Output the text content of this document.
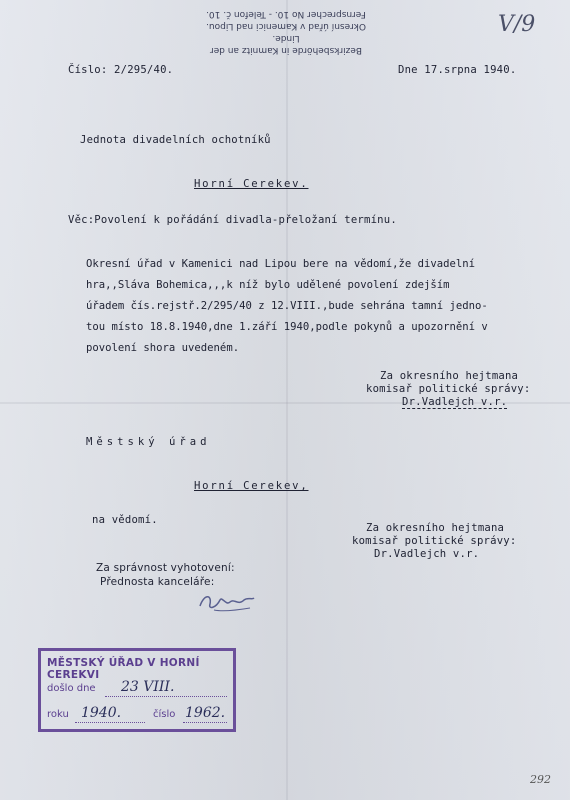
Bezirksbehörde in Kamnitz an der Linde.
Okresní úřad v Kamenici nad Lipou.
Fernsprecher No 10. - Telefon č. 10.	V/9
Číslo: 2/295/40.	Dne 17.srpna 1940.
Jednota divadelních ochotníků
Horní Cerekev.
Věc:Povolení k pořádání divadla-přeložaní termínu.
Okresní úřad v Kamenici nad Lipou bere na vědomí,že divadelní
hra,,Sláva Bohemica,,,k níž bylo udělené povolení zdejším
úřadem čís.rejstř.2/295/40 z 12.VIII.,bude sehrána tamní jedno-
tou místo 18.8.1940,dne 1.září 1940,podle pokynů a upozornění v
povolení shora uvedeném.
Za okresního hejtmana
komisař politické správy:
Dr.Vadlejch v.r.
Městský úřad
Horní Cerekev,
na vědomí.
Za okresního hejtmana
komisař politické správy:
Dr.Vadlejch v.r.
Za správnost vyhotovení:
Přednosta kanceláře:
MĚSTSKÝ ÚŘAD V HORNÍ CEREKVI
došlo dne 23 VIII.
roku 1940.	číslo 1962.
292
